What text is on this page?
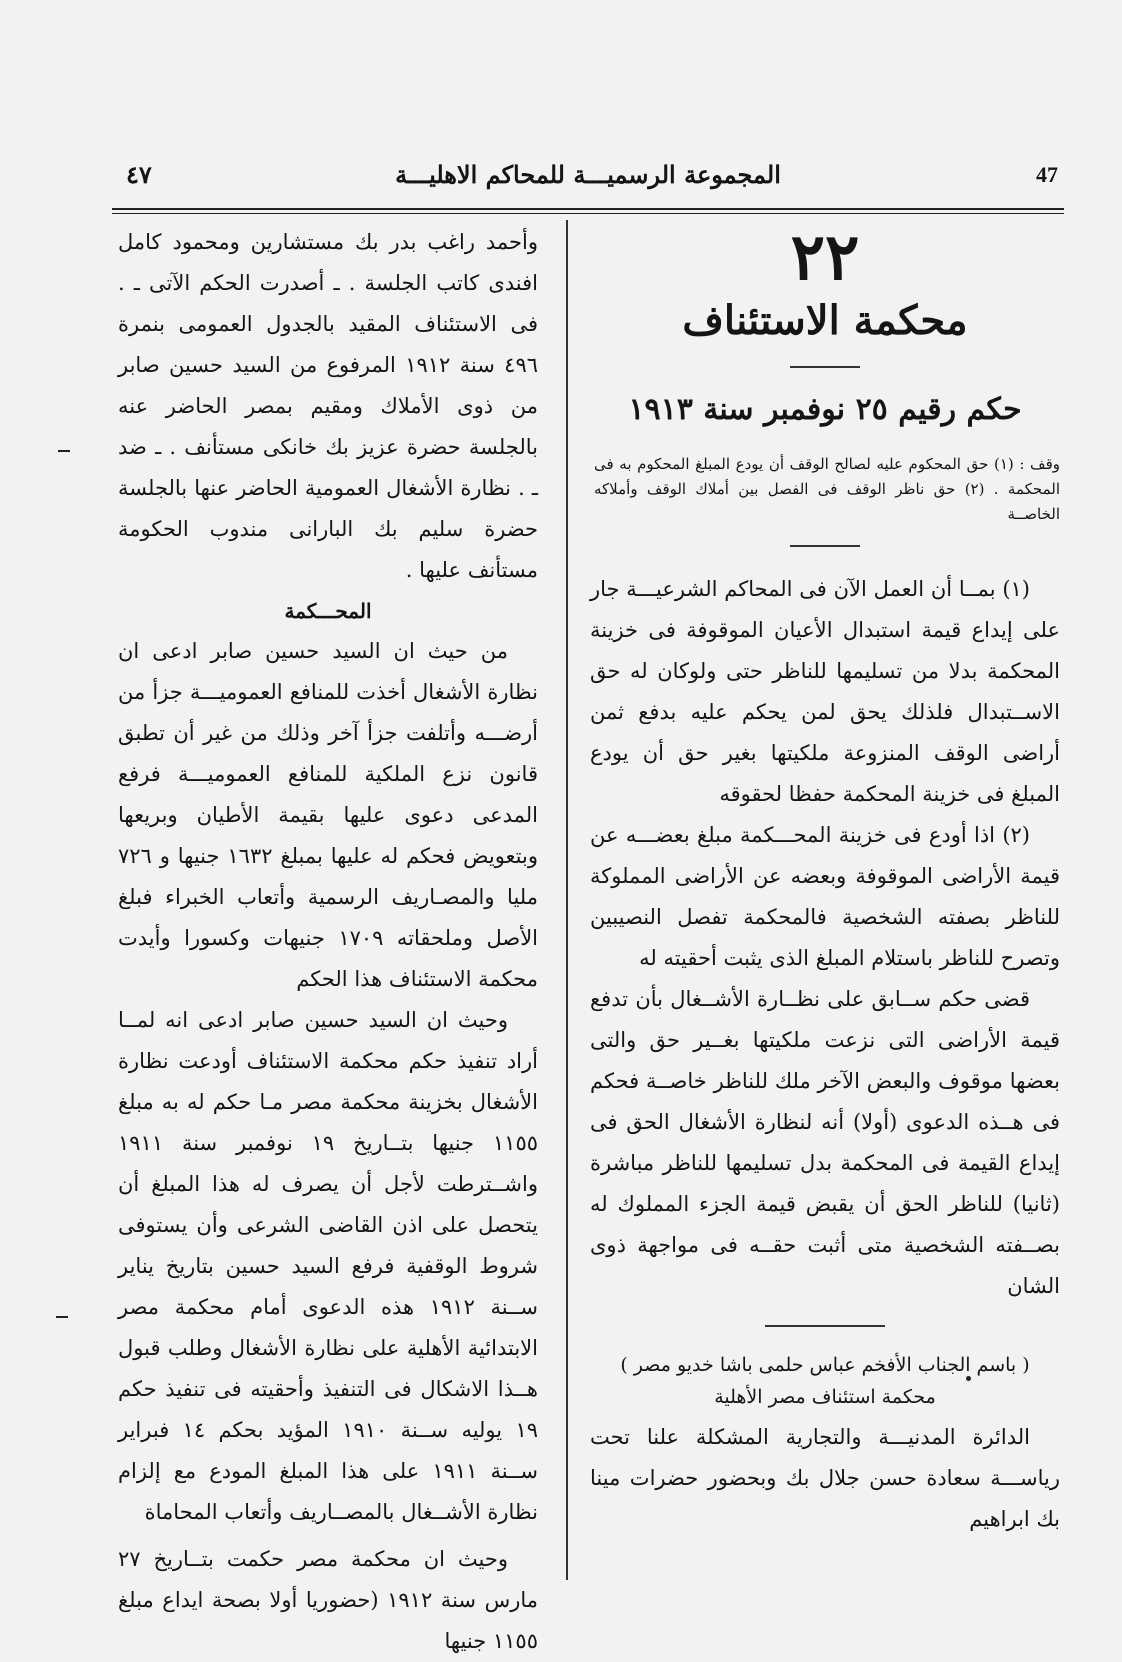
47
المجموعة الرسميـــة للمحاكم الاهليـــة
٤٧
٢٢
محكمة الاستئناف
حكم رقيم ٢٥ نوفمبر سنة ١٩١٣
وقف : (١) حق المحكوم عليه لصالح الوقف أن يودع المبلغ المحكوم به فى المحكمة . (٢) حق ناظر الوقف فى الفصل بين أملاك الوقف وأملاكه الخاصــة

(١) بمــا أن العمل الآن فى المحاكم الشرعيـــة جار على إيداع قيمة استبدال الأعيان الموقوفة فى خزينة المحكمة بدلا من تسليمها للناظر حتى ولوكان له حق الاســتبدال فلذلك يحق لمن يحكم عليه بدفع ثمن أراضى الوقف المنزوعة ملكيتها بغير حق أن يودع المبلغ فى خزينة المحكمة حفظا لحقوقه

(٢) اذا أودع فى خزينة المحـــكمة مبلغ بعضـــه عن قيمة الأراضى الموقوفة وبعضه عن الأراضى المملوكة للناظر بصفته الشخصية فالمحكمة تفصل النصيبين وتصرح للناظر باستلام المبلغ الذى يثبت أحقيته له

قضى حكم ســابق على نظــارة الأشــغال بأن تدفع قيمة الأراضى التى نزعت ملكيتها بغــير حق والتى بعضها موقوف والبعض الآخر ملك للناظر خاصــة فحكم فى هــذه الدعوى (أولا) أنه لنظارة الأشغال الحق فى إيداع القيمة فى المحكمة بدل تسليمها للناظر مباشرة (ثانيا) للناظر الحق أن يقبض قيمة الجزء المملوك له بصــفته الشخصية متى أثبت حقــه فى مواجهة ذوى الشان

( باسم الجناب الأفخم عباس حلمى باشا خديو مصر )
محكمة استئناف مصر الأهلية

الدائرة المدنيـــة والتجارية المشكلة علنا تحت رياســـة سعادة حسن جلال بك وبحضور حضرات مينا بك ابراهيم

وأحمد راغب بدر بك مستشارين ومحمود كامل افندى كاتب الجلسة . ـ أصدرت الحكم الآتى ـ . فى الاستئناف المقيد بالجدول العمومى بنمرة ٤٩٦ سنة ١٩١٢ المرفوع من السيد حسين صابر من ذوى الأملاك ومقيم بمصر الحاضر عنه بالجلسة حضرة عزيز بك خانكى مستأنف . ـ ضد ـ . نظارة الأشغال العمومية الحاضر عنها بالجلسة حضرة سليم بك البارانى مندوب الحكومة مستأنف عليها .

المحـــكمة

من حيث ان السيد حسين صابر ادعى ان نظارة الأشغال أخذت للمنافع العموميـــة جزأ من أرضـــه وأتلفت جزأ آخر وذلك من غير أن تطبق قانون نزع الملكية للمنافع العموميـــة فرفع المدعى دعوى عليها بقيمة الأطيان وبريعها وبتعويض فحكم له عليها بمبلغ ١٦٣٢ جنيها و ٧٢٦ مليا والمصـاريف الرسمية وأتعاب الخبراء فبلغ الأصل وملحقاته ١٧٠٩ جنيهات وكسورا وأيدت محكمة الاستئناف هذا الحكم

وحيث ان السيد حسين صابر ادعى انه لمــا أراد تنفيذ حكم محكمة الاستئناف أودعت نظارة الأشغال بخزينة محكمة مصر مـا حكم له به مبلغ ١١٥٥ جنيها بتــاريخ ١٩ نوفمبر سنة ١٩١١ واشــترطت لأجل أن يصرف له هذا المبلغ أن يتحصل على اذن القاضى الشرعى وأن يستوفى شروط الوقفية فرفع السيد حسين بتاريخ يناير ســنة ١٩١٢ هذه الدعوى أمام محكمة مصر الابتدائية الأهلية على نظارة الأشغال وطلب قبول هــذا الاشكال فى التنفيذ وأحقيته فى تنفيذ حكم ١٩ يوليه ســنة ١٩١٠ المؤيد بحكم ١٤ فبراير ســنة ١٩١١ على هذا المبلغ المودع مع إلزام نظارة الأشــغال بالمصــاريف وأتعاب المحاماة

وحيث ان محكمة مصر حكمت بتــاريخ ٢٧ مارس سنة ١٩١٢ (حضوريا أولا بصحة ايداع مبلغ ١١٥٥ جنيها
